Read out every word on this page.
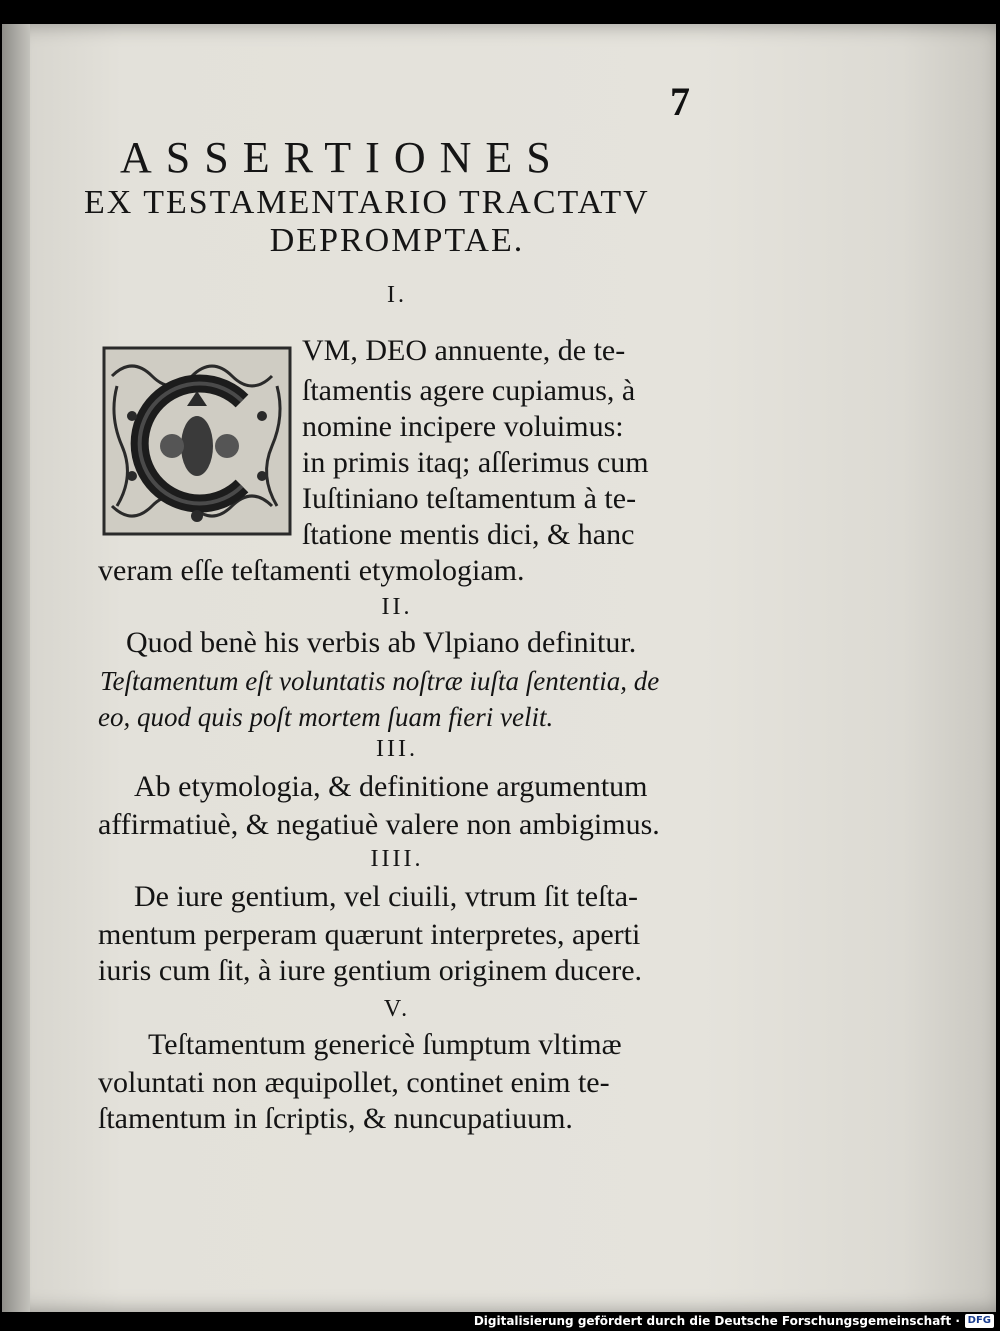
7
ASSERTIONES
EX TESTAMENTARIO TRACTATV
DEPROMPTAE.
I.
VM, DEO annuente, de te-
ſtamentis agere cupiamus, à
nomine incipere voluimus:
in primis itaq; aſſerimus cum
Iuſtiniano teſtamentum à te-
ſtatione mentis dici, & hanc
veram eſſe teſtamenti etymologiam.
II.
Quod benè his verbis ab Vlpiano definitur.
Teſtamentum eſt voluntatis noſtræ iuſta ſententia, de
eo, quod quis poſt mortem ſuam fieri velit.
III.
Ab etymologia, & definitione argumentum
affirmatiuè, & negatiuè valere non ambigimus.
IIII.
De iure gentium, vel ciuili, vtrum ſit teſta-
mentum perperam quærunt interpretes, aperti
iuris cum ſit, à iure gentium originem ducere.
V.
Teſtamentum genericè ſumptum vltimæ
voluntati non æquipollet, continet enim te-
ſtamentum in ſcriptis, & nuncupatiuum.
Digitalisierung gefördert durch die Deutsche Forschungsgemeinschaft · DFG
